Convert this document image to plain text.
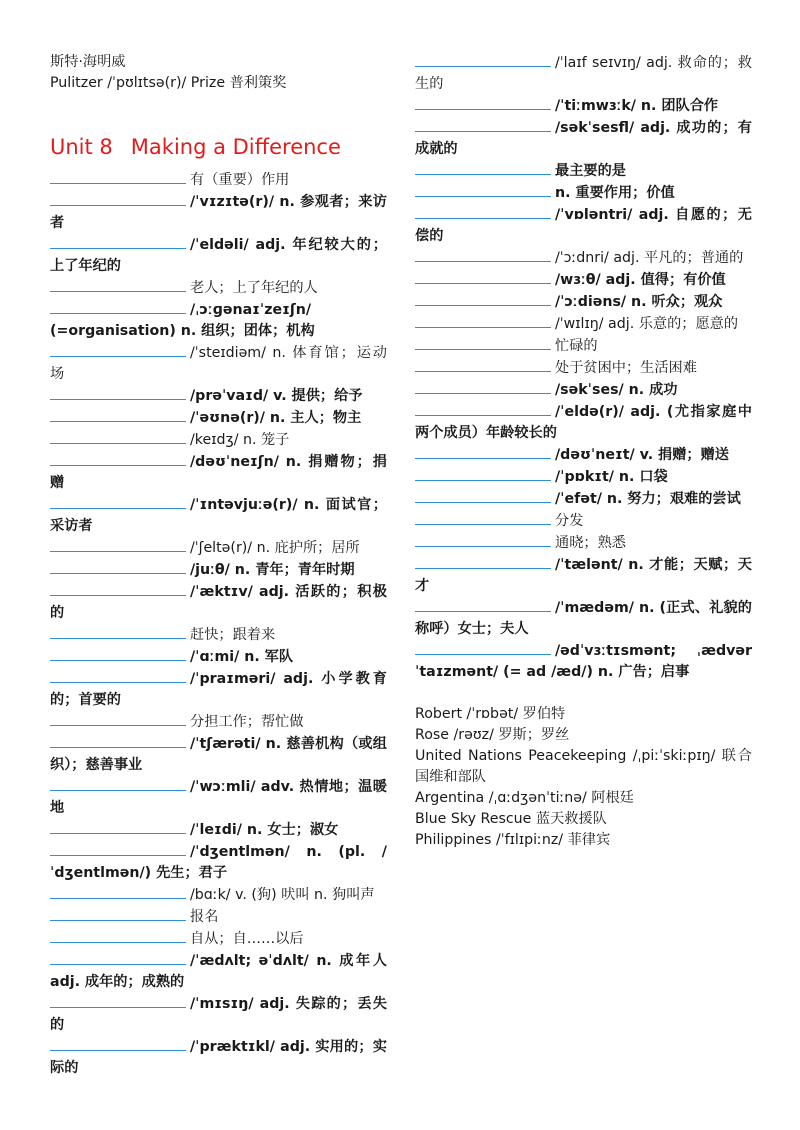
斯特·海明威
Pulitzer /ˈpʊlɪtsə(r)/ Prize 普利策奖
Unit 8 Making a Difference
有（重要）作用
/ˈvɪzɪtə(r)/ n. 参观者；来访者
/ˈeldəli/ adj. 年纪较大的；上了年纪的
老人；上了年纪的人
/ˌɔːɡənaɪˈzeɪʃn/ (=organisation) n. 组织；团体；机构
/ˈsteɪdiəm/ n. 体育馆；运动场
/prəˈvaɪd/ v. 提供；给予
/ˈəʊnə(r)/ n. 主人；物主
/keɪdʒ/ n. 笼子
/dəʊˈneɪʃn/ n. 捐赠物；捐赠
/ˈɪntəvjuːə(r)/ n. 面试官；采访者
/ˈʃeltə(r)/ n. 庇护所；居所
/juːθ/ n. 青年；青年时期
/ˈæktɪv/ adj. 活跃的；积极的
赶快；跟着来
/ˈɑːmi/ n. 军队
/ˈpraɪməri/ adj. 小学教育的；首要的
分担工作；帮忙做
/ˈtʃærəti/ n. 慈善机构（或组织）；慈善事业
/ˈwɔːmli/ adv. 热情地；温暖地
/ˈleɪdi/ n. 女士；淑女
/ˈdʒentlmən/ n. (pl. /ˈdʒentlmən/) 先生；君子
/bɑːk/ v. (狗) 吠叫 n. 狗叫声
报名
自从；自……以后
/ˈædʌlt; əˈdʌlt/ n. 成年人 adj. 成年的；成熟的
/ˈmɪsɪŋ/ adj. 失踪的；丢失的
/ˈpræktɪkl/ adj. 实用的；实际的
/ˈlaɪf seɪvɪŋ/ adj. 救命的；救生的
/ˈtiːmwɜːk/ n. 团队合作
/səkˈsesfl/ adj. 成功的；有成就的
最主要的是
n. 重要作用；价值
/ˈvɒləntri/ adj. 自愿的；无偿的
/ˈɔːdnri/ adj. 平凡的；普通的
/wɜːθ/ adj. 值得；有价值
/ˈɔːdiəns/ n. 听众；观众
/ˈwɪlɪŋ/ adj. 乐意的；愿意的
忙碌的
处于贫困中；生活困难
/səkˈses/ n. 成功
/ˈeldə(r)/ adj. (尤指家庭中两个成员）年龄较长的
/dəʊˈneɪt/ v. 捐赠；赠送
/ˈpɒkɪt/ n. 口袋
/ˈefət/ n. 努力；艰难的尝试
分发
通晓；熟悉
/ˈtælənt/ n. 才能；天赋；天才
/ˈmædəm/ n. (正式、礼貌的称呼）女士；夫人
/ədˈvɜːtɪsmənt; ˌædvərˈtaɪzmənt/ (= ad /æd/) n. 广告；启事
Robert /ˈrɒbət/ 罗伯特
Rose /rəʊz/ 罗斯；罗丝
United Nations Peacekeeping /ˌpiːˈskiːpɪŋ/ 联合国维和部队
Argentina /ˌɑːdʒənˈtiːnə/ 阿根廷
Blue Sky Rescue 蓝天救援队
Philippines /ˈfɪlɪpiːnz/ 菲律宾
